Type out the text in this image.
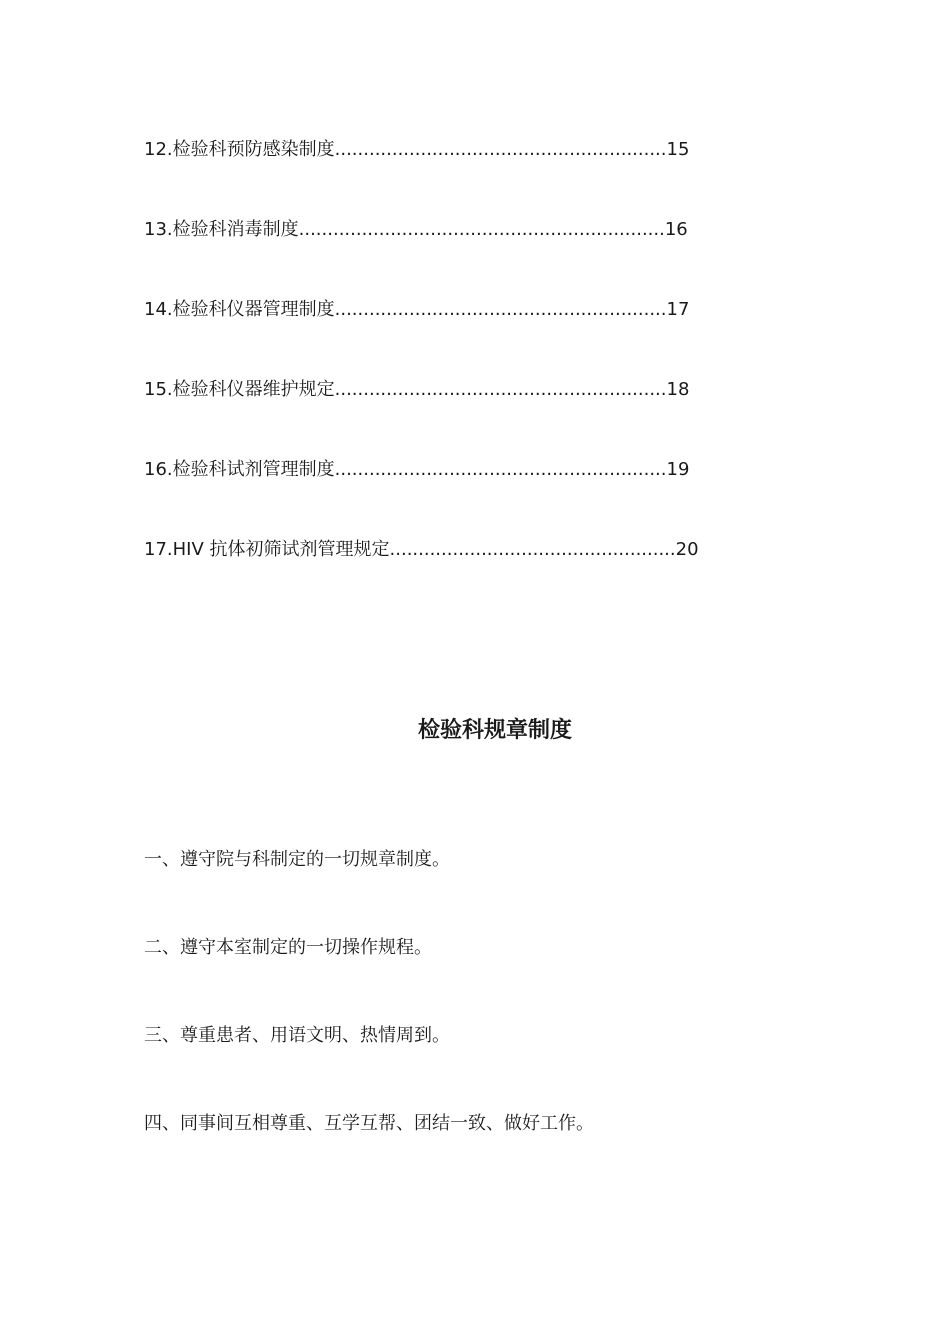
12.检验科预防感染制度..........................................................15
13.检验科消毒制度................................................................16
14.检验科仪器管理制度..........................................................17
15.检验科仪器维护规定..........................................................18
16.检验科试剂管理制度..........................................................19
17.HIV 抗体初筛试剂管理规定..................................................20
检验科规章制度
一、遵守院与科制定的一切规章制度。
二、遵守本室制定的一切操作规程。
三、尊重患者、用语文明、热情周到。
四、同事间互相尊重、互学互帮、团结一致、做好工作。
